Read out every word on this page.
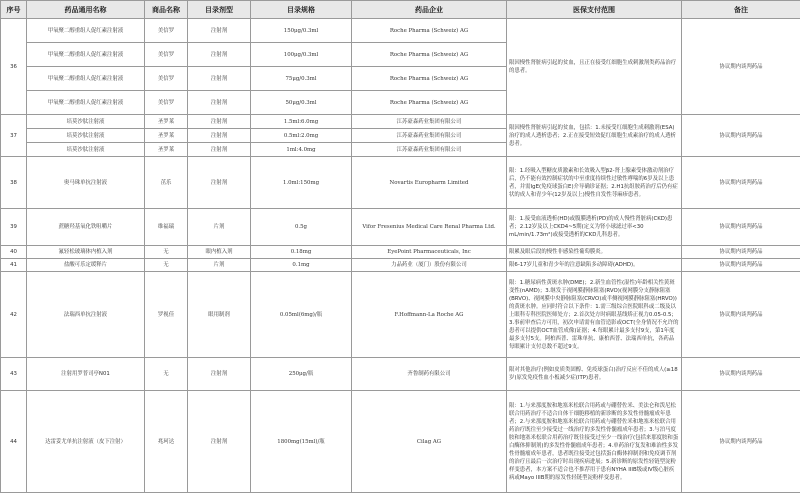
序号	药品通用名称	商品名称	目录剂型	目录规格	药品企业	医保支付范围	备注
36	甲氧聚二醇重组人促红素注射液	美信罗	注射剂	150μg/0.3ml	Roche Pharma (Schweiz) AG	限因慢性肾脏病引起的贫血，且正在接受红细胞生成刺激剂类药品治疗的患者。	协议期内谈判药品
	甲氧聚二醇重组人促红素注射液	美信罗	注射剂	100μg/0.3ml	Roche Pharma (Schweiz) AG		
	甲氧聚二醇重组人促红素注射液	美信罗	注射剂	75μg/0.3ml	Roche Pharma (Schweiz) AG		
	甲氧聚二醇重组人促红素注射液	美信罗	注射剂	50μg/0.3ml	Roche Pharma (Schweiz) AG		
37	培莫沙肽注射液	圣罗莱	注射剂	1.5ml:6.0mg	江苏豪森药业集团有限公司	限因慢性肾脏病引起的贫血，包括：1.未接受红细胞生成刺激剂(ESA)治疗的成人透析患者；2.正在接受短效促红细胞生成素治疗的成人透析患者。	协议期内谈判药品
	培莫沙肽注射液	圣罗莱	注射剂	0.5ml:2.0mg	江苏豪森药业集团有限公司		
	培莫沙肽注射液	圣罗莱	注射剂	1ml:4.0mg	江苏豪森药业集团有限公司		
38	奥马珠单抗注射液	茁乐	注射剂	1.0ml:150mg	Novartis Europharm Limited	限：1.经吸入型糖皮质激素和长效吸入型β2-肾上腺素受体激动剂治疗后，仍不能有效控制症状的中至重度持续性过敏性哮喘的6岁及以上患者，并需IgE(免疫球蛋白E)介导确诊证据；2.H1抗组胺药治疗后仍有症状的成人和青少年(12岁及以上)慢性自发性荨麻疹患者。	协议期内谈判药品
39	蔗糖羟基氧化铁咀嚼片	维福瑞	片剂	0.5g	Vifor Fresenius Medical Care Renal Pharma Ltd.	限：1.接受血液透析(HD)或腹膜透析(PD)的成人慢性肾脏病(CKD)患者；2.12岁及以上CKD4~5期(定义为肾小球滤过率<30 mL/min/1.73m²)或接受透析的CKD儿科患者。	协议期内谈判药品
40	氟轻松玻璃体内植入剂	无	眼内植入剂	0.18mg	EyePoint Pharmaceuticals, Inc	限累及眼后段的慢性非感染性葡萄膜炎。	协议期内谈判药品
41	盐酸可乐定缓释片	无	片剂	0.1mg	力品药业（厦门）股份有限公司	限6-17岁儿童和青少年的注意缺陷多动障碍(ADHD)。	协议期内谈判药品
42	法瑞西单抗注射液	罗视佳	眼用制剂	0.05ml(6mg)/瓶	F.Hoffmann-La Roche AG	限：1.糖尿病性黄斑水肿(DME)；2.新生血管性(湿性)年龄相关性黄斑变性(nAMD)；3.继发于视网膜静脉阻塞(RVO)(视网膜分支静脉阻塞(BRVO)、视网膜中央静脉阻塞(CRVO)或半侧视网膜静脉阻塞(HRVO))的黄斑水肿。应同时符合以下条件：1.需三级综合医院眼科或二级及以上眼科专科医院医师处方；2.首次处方时病眼基线矫正视力0.05-0.5；3.事前审查后方可用，初次申请需有血管造影或OCT(全身情况不允许的患者可以提供OCT血管成像)证据；4.每眼累计最多支付9支，第1年度最多支付5支。阿柏西普、雷珠单抗、康柏西普、法瑞西单抗，各药品每眼累计支付总数不超过9支。	协议期内谈判药品
43	注射用罗普司亭N01	无	注射剂	250μg/瓶	齐鲁制药有限公司	限对其他治疗(例如皮质类固醇、免疫球蛋白)治疗反应不佳的成人(≥18岁)原发免疫性血小板减少症(ITP)患者。	协议期内谈判药品
44	达雷妥尤单抗注射液（皮下注射）	兆珂达	注射剂	1800mg(15ml)/瓶	Cilag AG	限：1.与来那度胺和地塞米松联合用药或与硼替佐米、美法仑和泼尼松联合用药治疗不适合自体干细胞移植的新诊断的多发性骨髓瘤成年患者；2.与来那度胺和地塞米松联合用药或与硼替佐米和地塞米松联合用药治疗既往至少接受过一线治疗的多发性骨髓瘤成年患者；3.与泊马度胺和地塞米松联合用药治疗既往接受过至少一线治疗(包括来那度胺和蛋白酶体抑制剂)的多发性骨髓瘤成年患者；4.单药治疗复发和难治性多发性骨髓瘤成年患者，患者既往接受过包括蛋白酶体抑制剂和免疫调节剂的治疗且最后一次治疗时出现疾病进展；5.新诊断的原发性轻链型淀粉样变患者，本方案不适合也不推荐用于患有NYHA IIIB级或IV级心脏疾病或Mayo IIIB期的原发性轻链型淀粉样变患者。	协议期内谈判药品
